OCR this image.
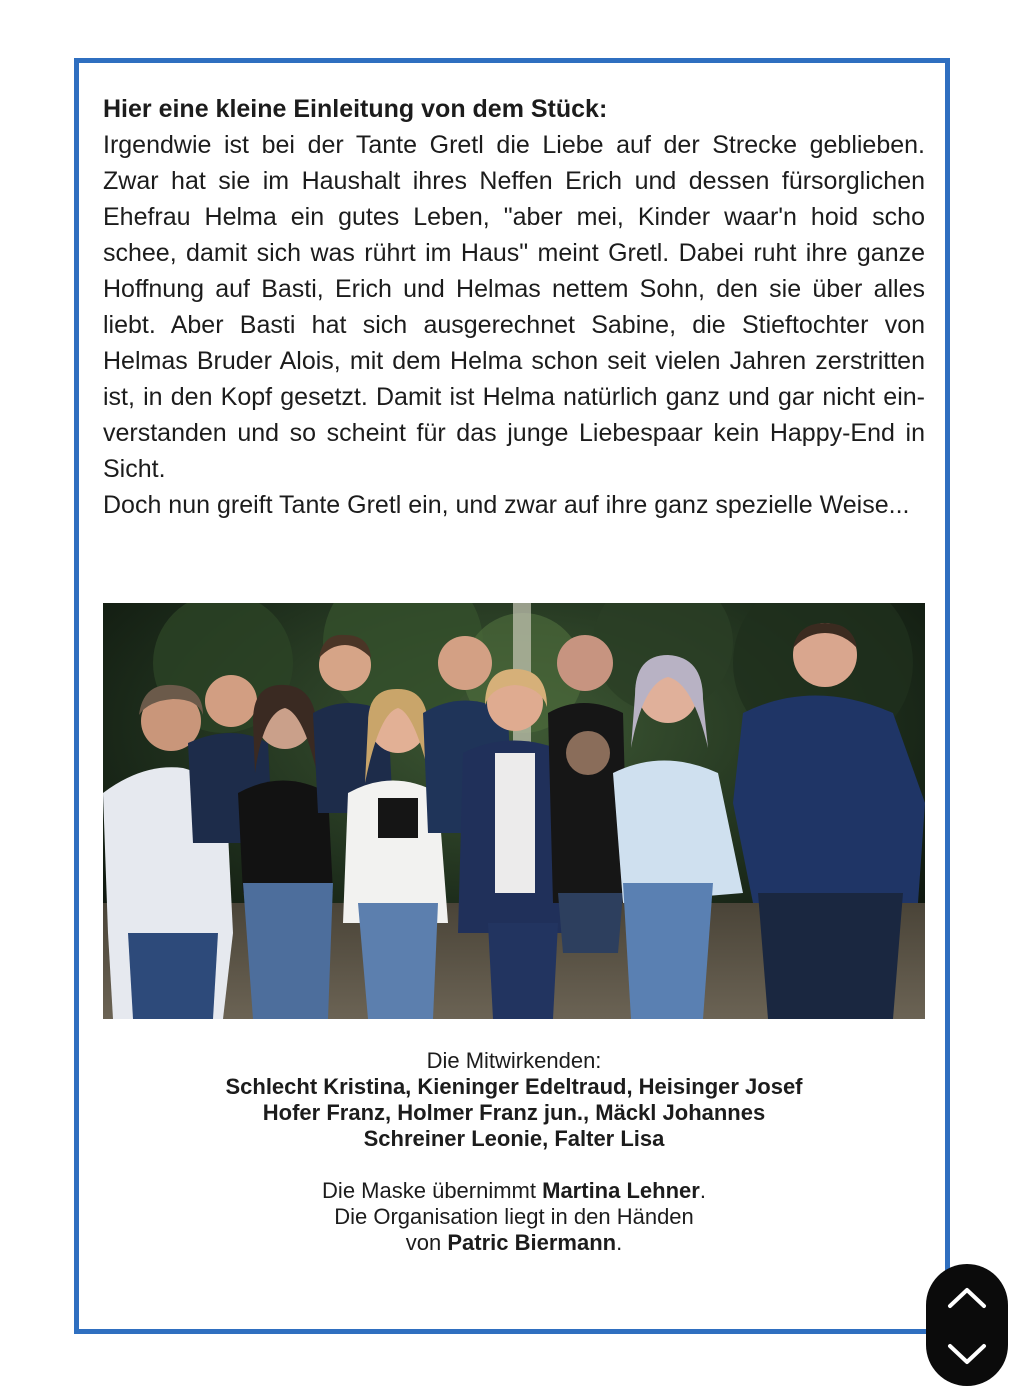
Hier eine kleine Einleitung von dem Stück:

Irgendwie ist bei der Tante Gretl die Liebe auf der Strecke geblieben. Zwar hat sie im Haushalt ihres Neffen Erich und dessen fürsorglichen Ehefrau Helma ein gutes Leben, "aber mei, Kinder waar'n hoid scho schee, damit sich was rührt im Haus" meint Gretl. Dabei ruht ihre ganze Hoffnung auf Basti, Erich und Helmas nettem Sohn, den sie über alles liebt. Aber Basti hat sich ausgerechnet Sabine, die Stieftochter von Helmas Bruder Alois, mit dem Helma schon seit vielen Jahren zerstritten ist, in den Kopf gesetzt. Damit ist Helma natürlich ganz und gar nicht einverstanden und so scheint für das junge Liebespaar kein Happy-End in Sicht.

Doch nun greift Tante Gretl ein, und zwar auf ihre ganz spezielle Weise...

Die Mitwirkenden:
Schlecht Kristina, Kieninger Edeltraud, Heisinger Josef
Hofer Franz, Holmer Franz jun., Mäckl Johannes
Schreiner Leonie, Falter Lisa
Die Maske übernimmt Martina Lehner.
Die Organisation liegt in den Händen
von Patric Biermann.
